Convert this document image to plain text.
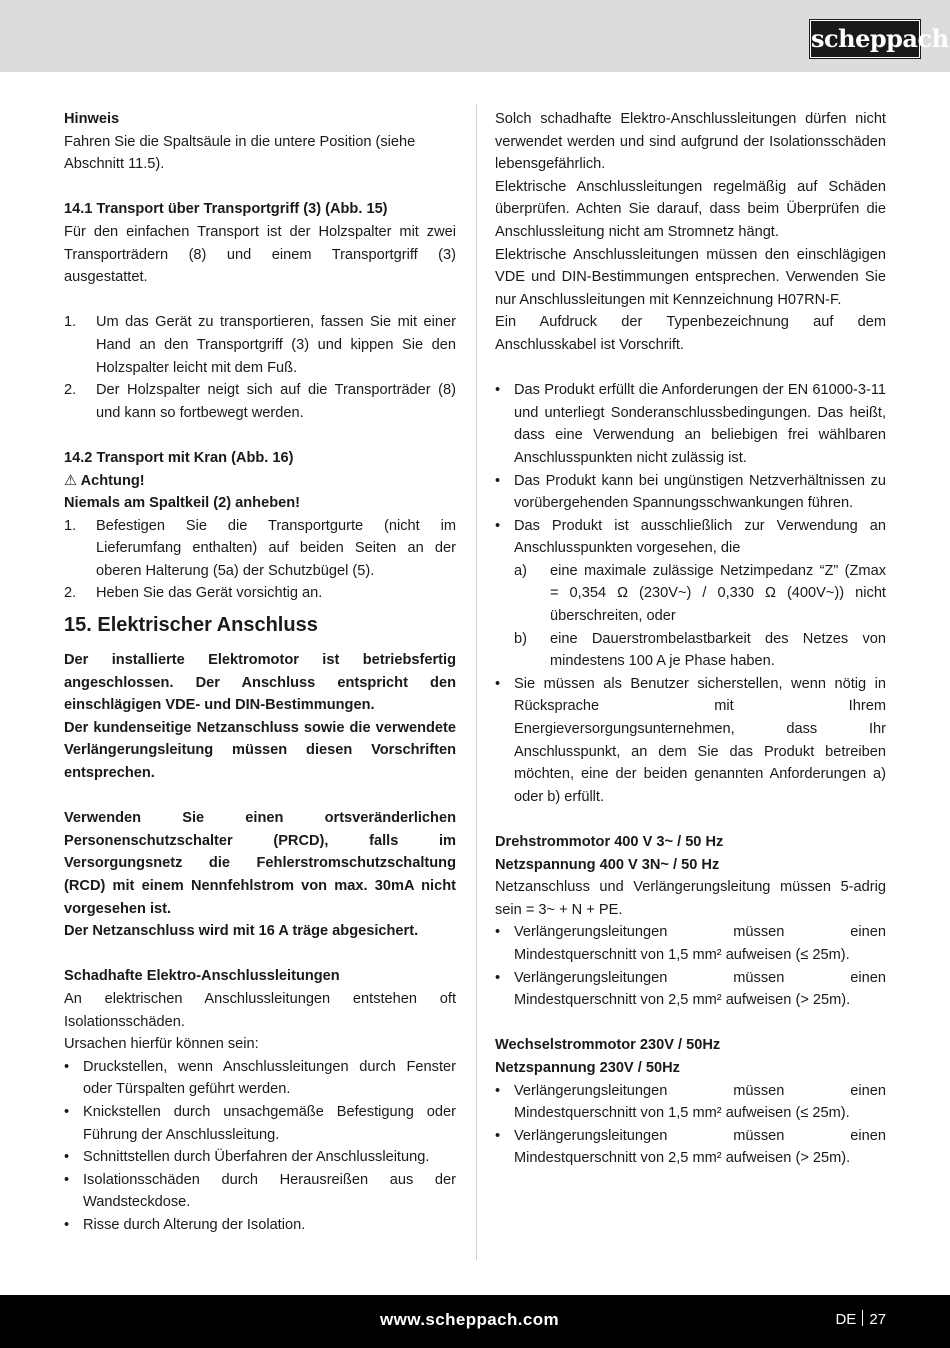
scheppach

Hinweis

Fahren Sie die Spaltsäule in die untere Position (siehe Abschnitt 11.5).

14.1 Transport über Transportgriff (3) (Abb. 15)

Für den einfachen Transport ist der Holzspalter mit zwei Transporträdern (8) und einem Transportgriff (3) ausgestattet.

1. Um das Gerät zu transportieren, fassen Sie mit einer Hand an den Transportgriff (3) und kippen Sie den Holzspalter leicht mit dem Fuß.
2. Der Holzspalter neigt sich auf die Transporträder (8) und kann so fortbewegt werden.

14.2 Transport mit Kran (Abb. 16)

⚠ Achtung!

Niemals am Spaltkeil (2) anheben!

1. Befestigen Sie die Transportgurte (nicht im Lieferumfang enthalten) auf beiden Seiten an der oberen Halterung (5a) der Schutzbügel (5).
2. Heben Sie das Gerät vorsichtig an.
15. Elektrischer Anschluss

Der installierte Elektromotor ist betriebsfertig angeschlossen. Der Anschluss entspricht den einschlägigen VDE- und DIN-Bestimmungen.

Der kundenseitige Netzanschluss sowie die verwendete Verlängerungsleitung müssen diesen Vorschriften entsprechen.

Verwenden Sie einen ortsveränderlichen Personenschutzschalter (PRCD), falls im Versorgungsnetz die Fehlerstromschutzschaltung (RCD) mit einem Nennfehlstrom von max. 30mA nicht vorgesehen ist.

Der Netzanschluss wird mit 16 A träge abgesichert.

Schadhafte Elektro-Anschlussleitungen

An elektrischen Anschlussleitungen entstehen oft Isolationsschäden.

Ursachen hierfür können sein:

• Druckstellen, wenn Anschlussleitungen durch Fenster oder Türspalten geführt werden.
• Knickstellen durch unsachgemäße Befestigung oder Führung der Anschlussleitung.
• Schnittstellen durch Überfahren der Anschlussleitung.
• Isolationsschäden durch Herausreißen aus der Wandsteckdose.
• Risse durch Alterung der Isolation.

Solch schadhafte Elektro-Anschlussleitungen dürfen nicht verwendet werden und sind aufgrund der Isolationsschäden lebensgefährlich.

Elektrische Anschlussleitungen regelmäßig auf Schäden überprüfen. Achten Sie darauf, dass beim Überprüfen die Anschlussleitung nicht am Stromnetz hängt.

Elektrische Anschlussleitungen müssen den einschlägigen VDE und DIN-Bestimmungen entsprechen. Verwenden Sie nur Anschlussleitungen mit Kennzeichnung H07RN-F.

Ein Aufdruck der Typenbezeichnung auf dem Anschlusskabel ist Vorschrift.

• Das Produkt erfüllt die Anforderungen der EN 61000-3-11 und unterliegt Sonderanschlussbedingungen. Das heißt, dass eine Verwendung an beliebigen frei wählbaren Anschlusspunkten nicht zulässig ist.
• Das Produkt kann bei ungünstigen Netzverhältnissen zu vorübergehenden Spannungsschwankungen führen.
• Das Produkt ist ausschließlich zur Verwendung an Anschlusspunkten vorgesehen, die
a) eine maximale zulässige Netzimpedanz “Z” (Zmax = 0,354 Ω (230V~) / 0,330 Ω (400V~)) nicht überschreiten, oder
b) eine Dauerstrombelastbarkeit des Netzes von mindestens 100 A je Phase haben.
• Sie müssen als Benutzer sicherstellen, wenn nötig in Rücksprache mit Ihrem Energieversorgungsunternehmen, dass Ihr Anschlusspunkt, an dem Sie das Produkt betreiben möchten, eine der beiden genannten Anforderungen a) oder b) erfüllt.

Drehstrommotor 400 V 3~ / 50 Hz

Netzspannung 400 V 3N~ / 50 Hz

Netzanschluss und Verlängerungsleitung müssen 5-adrig sein = 3~ + N + PE.

• Verlängerungsleitungen müssen einen Mindestquerschnitt von 1,5 mm² aufweisen (≤ 25m).
• Verlängerungsleitungen müssen einen Mindestquerschnitt von 2,5 mm² aufweisen (> 25m).

Wechselstrommotor 230V / 50Hz

Netzspannung 230V / 50Hz

• Verlängerungsleitungen müssen einen Mindestquerschnitt von 1,5 mm² aufweisen (≤ 25m).
• Verlängerungsleitungen müssen einen Mindestquerschnitt von 2,5 mm² aufweisen (> 25m).
www.scheppach.com	DE 27
